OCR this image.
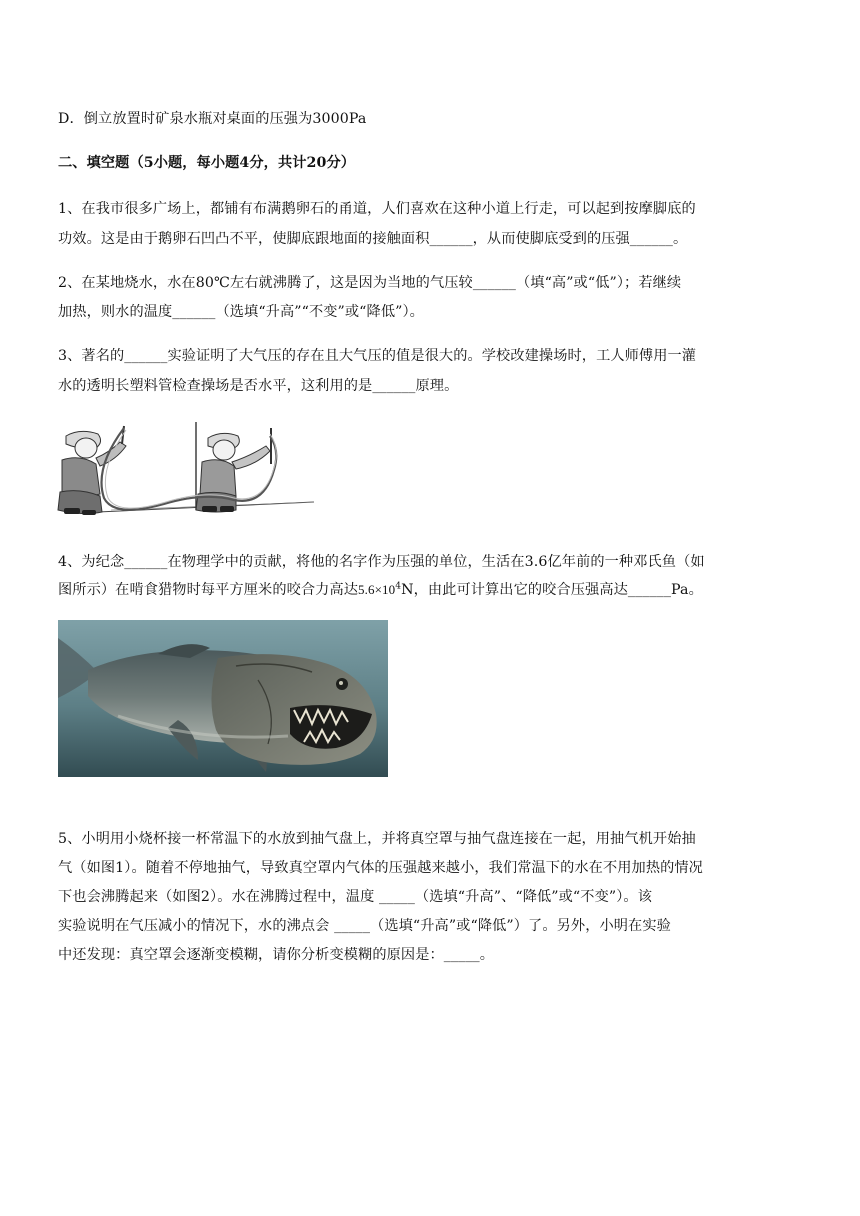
D．倒立放置时矿泉水瓶对桌面的压强为3000Pa
二、填空题（5小题，每小题4分，共计20分）
1、在我市很多广场上，都铺有布满鹅卵石的甬道，人们喜欢在这种小道上行走，可以起到按摩脚底的
功效。这是由于鹅卵石凹凸不平，使脚底跟地面的接触面积______，从而使脚底受到的压强______。
2、在某地烧水，水在80℃左右就沸腾了，这是因为当地的气压较______（填“高”或“低”）；若继续
加热，则水的温度______（选填“升高”“不变”或“降低”）。
3、著名的______实验证明了大气压的存在且大气压的值是很大的。学校改建操场时，工人师傅用一灌
水的透明长塑料管检查操场是否水平，这利用的是______原理。
4、为纪念______在物理学中的贡献，将他的名字作为压强的单位，生活在3.6亿年前的一种邓氏鱼（如
图所示）在啃食猎物时每平方厘米的咬合力高达$5.6\times 10^4N$，由此可计算出它的咬合压强高达______Pa。
5、小明用小烧杯接一杯常温下的水放到抽气盘上，并将真空罩与抽气盘连接在一起，用抽气机开始抽
气（如图1）。随着不停地抽气，导致真空罩内气体的压强越来越小，我们常温下的水在不用加热的情况
下也会沸腾起来（如图2）。水在沸腾过程中，温度 _____（选填“升高”、“降低”或“不变”）。该
实验说明在气压减小的情况下，水的沸点会 _____（选填“升高”或“降低”）了。另外，小明在实验
中还发现：真空罩会逐渐变模糊，请你分析变模糊的原因是：_____。
